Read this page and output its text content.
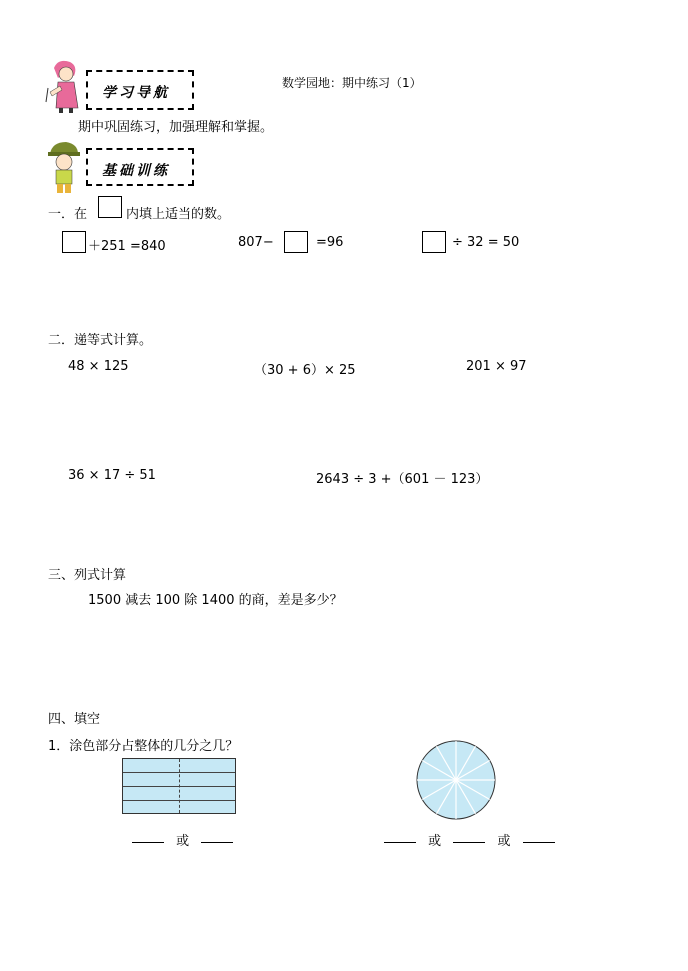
数学园地：期中练习（1）
学习导航
期中巩固练习，加强理解和掌握。
基础训练
一．在	内填上适当的数。
＋251 =840	807−	=96	÷ 32 = 50
二．递等式计算。
48 × 125	（30 + 6）× 25	201 × 97
36 × 17 ÷ 51	2643 ÷ 3 +（601 － 123）
三、列式计算
1500 减去 100 除 1400 的商，差是多少？
四、填空
1．涂色部分占整体的几分之几？
或	或	或
